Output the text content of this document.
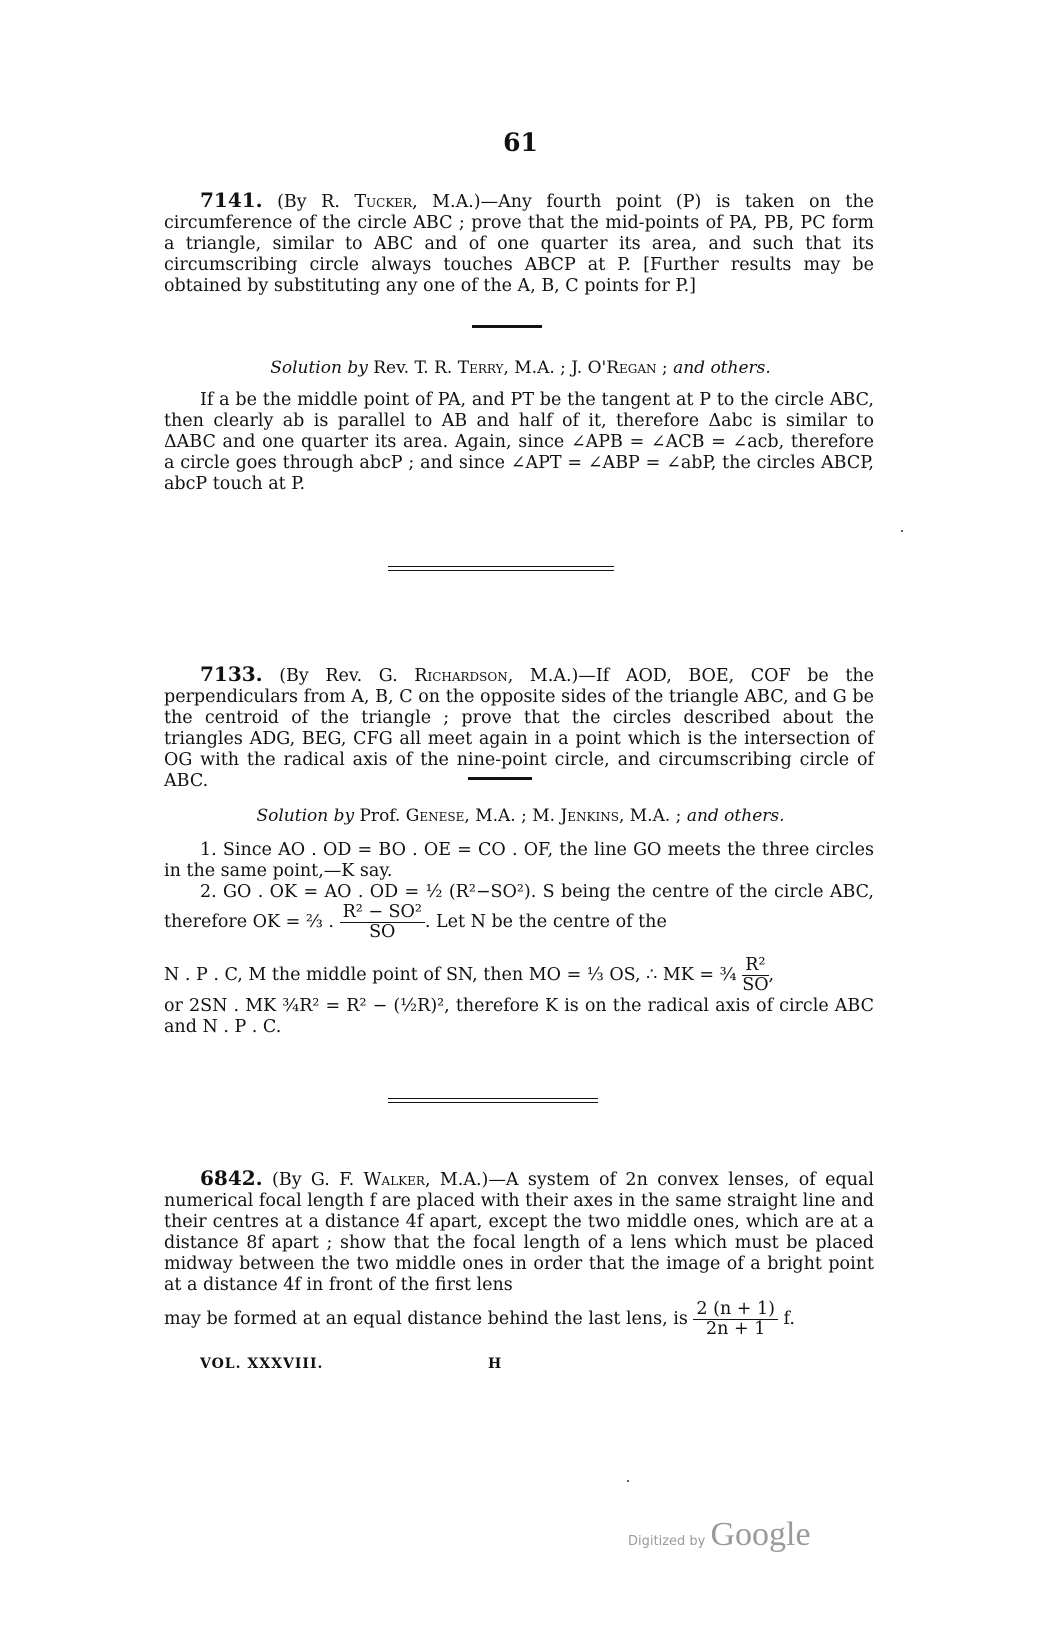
61
7141. (By R. Tucker, M.A.)—Any fourth point (P) is taken on the circumference of the circle ABC ; prove that the mid-points of PA, PB, PC form a triangle, similar to ABC and of one quarter its area, and such that its circumscribing circle always touches ABCP at P. [Further results may be obtained by substituting any one of the A, B, C points for P.]
Solution by Rev. T. R. Terry, M.A. ; J. O'Regan ; and others.
If a be the middle point of PA, and PT be the tangent at P to the circle ABC, then clearly ab is parallel to AB and half of it, therefore Δabc is similar to ΔABC and one quarter its area. Again, since ∠APB = ∠ACB = ∠acb, therefore a circle goes through abcP ; and since ∠APT = ∠ABP = ∠abP, the circles ABCP, abcP touch at P.
7133. (By Rev. G. Richardson, M.A.)—If AOD, BOE, COF be the perpendiculars from A, B, C on the opposite sides of the triangle ABC, and G be the centroid of the triangle ; prove that the circles described about the triangles ADG, BEG, CFG all meet again in a point which is the intersection of OG with the radical axis of the nine-point circle, and circumscribing circle of ABC.
Solution by Prof. Genese, M.A. ; M. Jenkins, M.A. ; and others.
1. Since AO . OD = BO . OE = CO . OF, the line GO meets the three circles in the same point,—K say.
2. GO . OK = AO . OD = ½ (R²−SO²). S being the centre of the circle ABC, therefore OK = ⅔ . $\frac{\text{R² − SO²}}{SO}$ . Let N be the centre of the
N . P . C, M the middle point of SN, then MO = ⅓ OS, ∴ MK = ¾ $\frac{\text{R²}}{SO}$ ,
or 2SN . MK ¾R² = R² − (½R)², therefore K is on the radical axis of circle ABC and N . P . C.
6842. (By G. F. Walker, M.A.)—A system of 2n convex lenses, of equal numerical focal length f are placed with their axes in the same straight line and their centres at a distance 4f apart, except the two middle ones, which are at a distance 8f apart ; show that the focal length of a lens which must be placed midway between the two middle ones in order that the image of a bright point at a distance 4f in front of the first lens
may be formed at an equal distance behind the last lens, is $\frac{2 (n + 1)}{2n + 1} f$.
VOL. XXXVIII.	H
Digitized by Google
